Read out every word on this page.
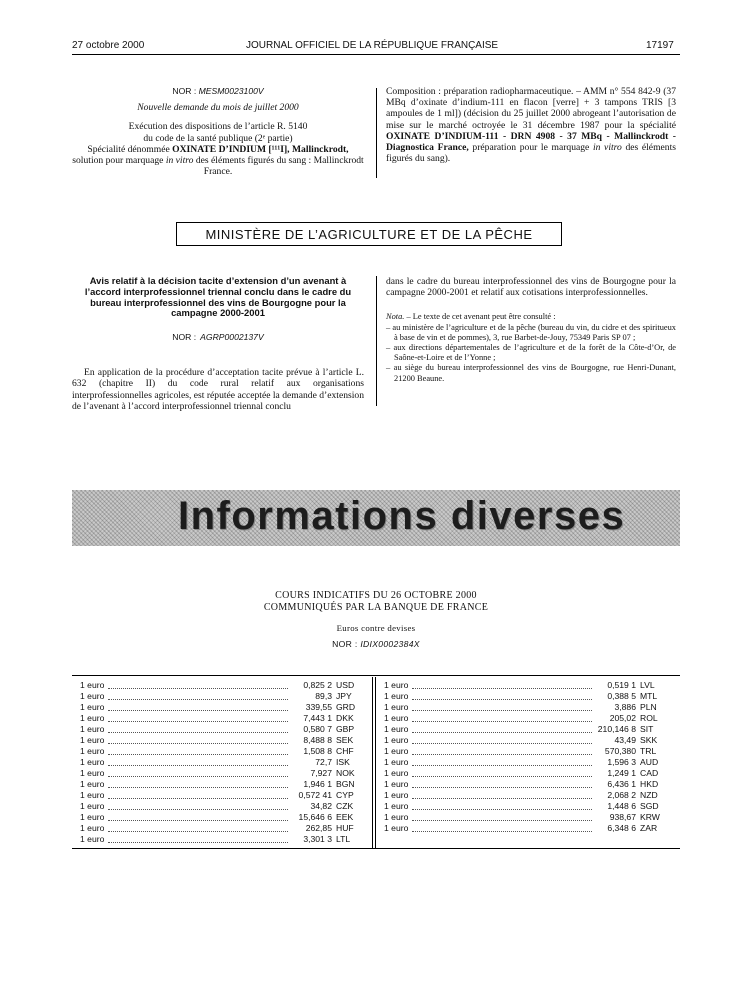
27 octobre 2000	JOURNAL OFFICIEL DE LA RÉPUBLIQUE FRANÇAISE	17197

NOR : MESM0023100V

Nouvelle demande du mois de juillet 2000

Exécution des dispositions de l’article R. 5140

du code de la santé publique (2ᵉ partie)

Spécialité dénommée OXINATE D’INDIUM [¹¹¹I], Mallinckrodt, solution pour marquage in vitro des éléments figurés du sang : Mallinckrodt France.

Composition : préparation radiopharmaceutique. – AMM n° 554 842-9 (37 MBq d’oxinate d’indium-111 en flacon [verre] + 3 tampons TRIS [3 ampoules de 1 ml]) (décision du 25 juillet 2000 abrogeant l’autorisation de mise sur le marché octroyée le 31 décembre 1987 pour la spécialité OXINATE D’INDIUM-111 - DRN 4908 - 37 MBq - Mallinckrodt - Diagnostica France, préparation pour le marquage in vitro des éléments figurés du sang).
MINISTÈRE DE L’AGRICULTURE ET DE LA PÊCHE

Avis relatif à la décision tacite d’extension d’un avenant à l’accord interprofessionnel triennal conclu dans le cadre du bureau interprofessionnel des vins de Bourgogne pour la campagne 2000-2001

NOR : AGRP0002137V

En application de la procédure d’acceptation tacite prévue à l’article L. 632 (chapitre II) du code rural relatif aux organisations interprofessionnelles agricoles, est réputée acceptée la demande d’extension de l’avenant à l’accord interprofessionnel triennal conclu

dans le cadre du bureau interprofessionnel des vins de Bourgogne pour la campagne 2000-2001 et relatif aux cotisations interprofessionnelles.

Nota. – Le texte de cet avenant peut être consulté :
– au ministère de l’agriculture et de la pêche (bureau du vin, du cidre et des spiritueux à base de vin et de pommes), 3, rue Barbet-de-Jouy, 75349 Paris SP 07 ;
– aux directions départementales de l’agriculture et de la forêt de la Côte-d’Or, de Saône-et-Loire et de l’Yonne ;
– au siège du bureau interprofessionnel des vins de Bourgogne, rue Henri-Dunant, 21200 Beaune.
Informations diverses

COURS INDICATIFS DU 26 OCTOBRE 2000

COMMUNIQUÉS PAR LA BANQUE DE FRANCE

Euros contre devises

NOR : IDIX0002384X

1 euro	0,825 2 USD
1 euro	89,3 JPY
1 euro	339,55 GRD
1 euro	7,443 1 DKK
1 euro	0,580 7 GBP
1 euro	8,488 8 SEK
1 euro	1,508 8 CHF
1 euro	72,7 ISK
1 euro	7,927 NOK
1 euro	1,946 1 BGN
1 euro	0,572 41 CYP
1 euro	34,82 CZK
1 euro	15,646 6 EEK
1 euro	262,85 HUF
1 euro	3,301 3 LTL
1 euro	0,519 1 LVL
1 euro	0,388 5 MTL
1 euro	3,886 PLN
1 euro	205,02 ROL
1 euro	210,146 8 SIT
1 euro	43,49 SKK
1 euro	570,380 TRL
1 euro	1,596 3 AUD
1 euro	1,249 1 CAD
1 euro	6,436 1 HKD
1 euro	2,068 2 NZD
1 euro	1,448 6 SGD
1 euro	938,67 KRW
1 euro	6,348 6 ZAR
